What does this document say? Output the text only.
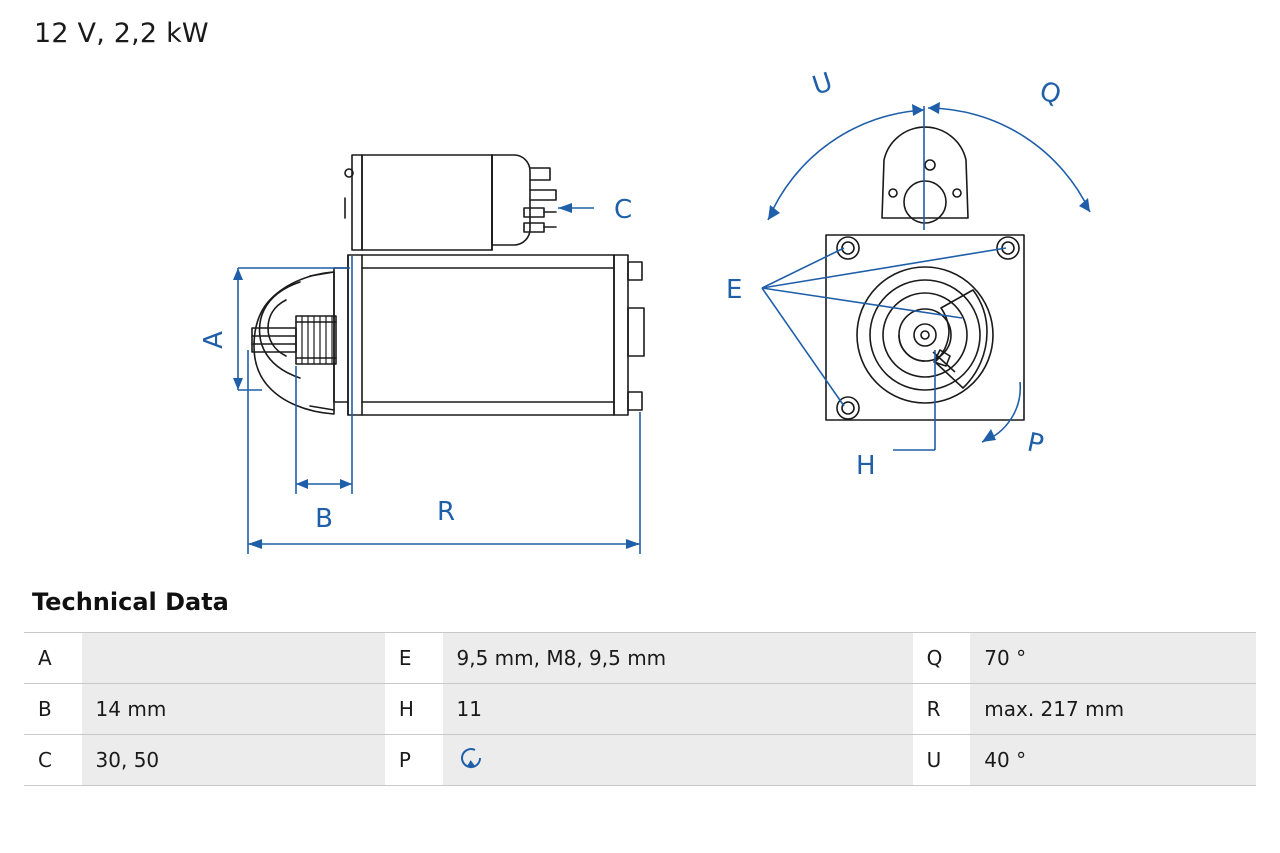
12 V, 2,2 kW
A
B
C
R
U	Q
E
H
P
Technical Data
A		E	9,5 mm, M8, 9,5 mm	Q	70 °
B	14 mm	H	11	R	max. 217 mm
C	30, 50	P		U	40 °
